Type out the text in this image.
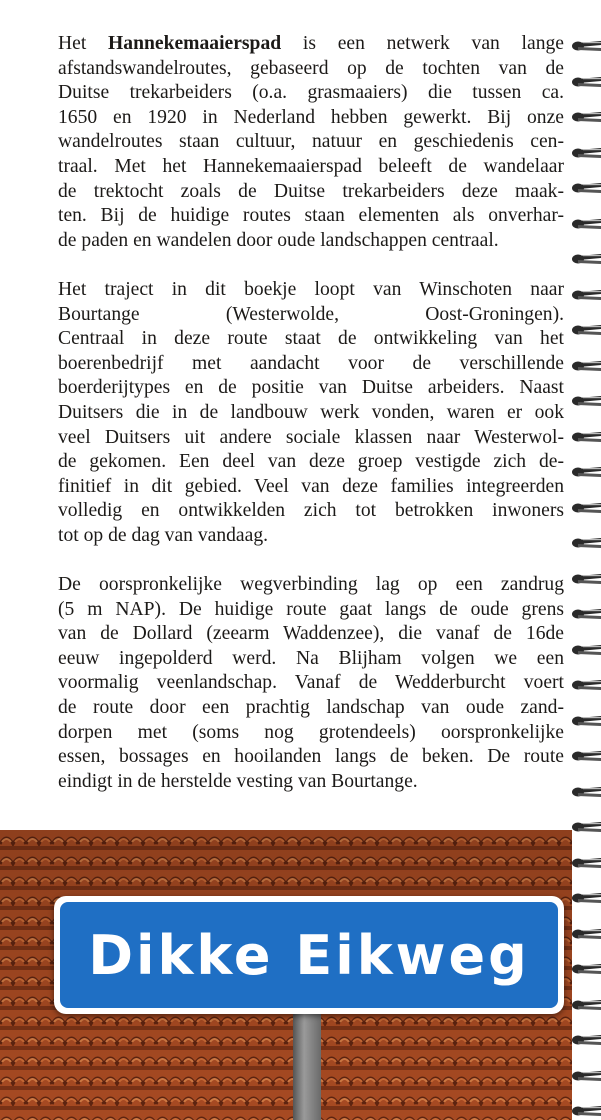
Het Hannekemaaierspad is een netwerk van lange
afstandswandelroutes, gebaseerd op de tochten van de
Duitse trekarbeiders (o.a. grasmaaiers) die tussen ca.
1650 en 1920 in Nederland hebben gewerkt. Bij onze
wandelroutes staan cultuur, natuur en geschiedenis cen-
traal. Met het Hannekemaaierspad beleeft de wandelaar
de trektocht zoals de Duitse trekarbeiders deze maak-
ten. Bij de huidige routes staan elementen als onverhar-
de paden en wandelen door oude landschappen centraal.

Het traject in dit boekje loopt van Winschoten naar
Bourtange (Westerwolde, Oost-Groningen).
Centraal in deze route staat de ontwikkeling van het
boerenbedrijf met aandacht voor de verschillende
boerderijtypes en de positie van Duitse arbeiders. Naast
Duitsers die in de landbouw werk vonden, waren er ook
veel Duitsers uit andere sociale klassen naar Westerwol-
de gekomen. Een deel van deze groep vestigde zich de-
finitief in dit gebied. Veel van deze families integreerden
volledig en ontwikkelden zich tot betrokken inwoners
tot op de dag van vandaag.

De oorspronkelijke wegverbinding lag op een zandrug
(5 m NAP). De huidige route gaat langs de oude grens
van de Dollard (zeearm Waddenzee), die vanaf de 16de
eeuw ingepolderd werd. Na Blijham volgen we een
voormalig veenlandschap. Vanaf de Wedderburcht voert
de route door een prachtig landschap van oude zand-
dorpen met (soms nog grotendeels) oorspronkelijke
essen, bossages en hooilanden langs de beken. De route
eindigt in de herstelde vesting van Bourtange.

Dikke Eikweg
